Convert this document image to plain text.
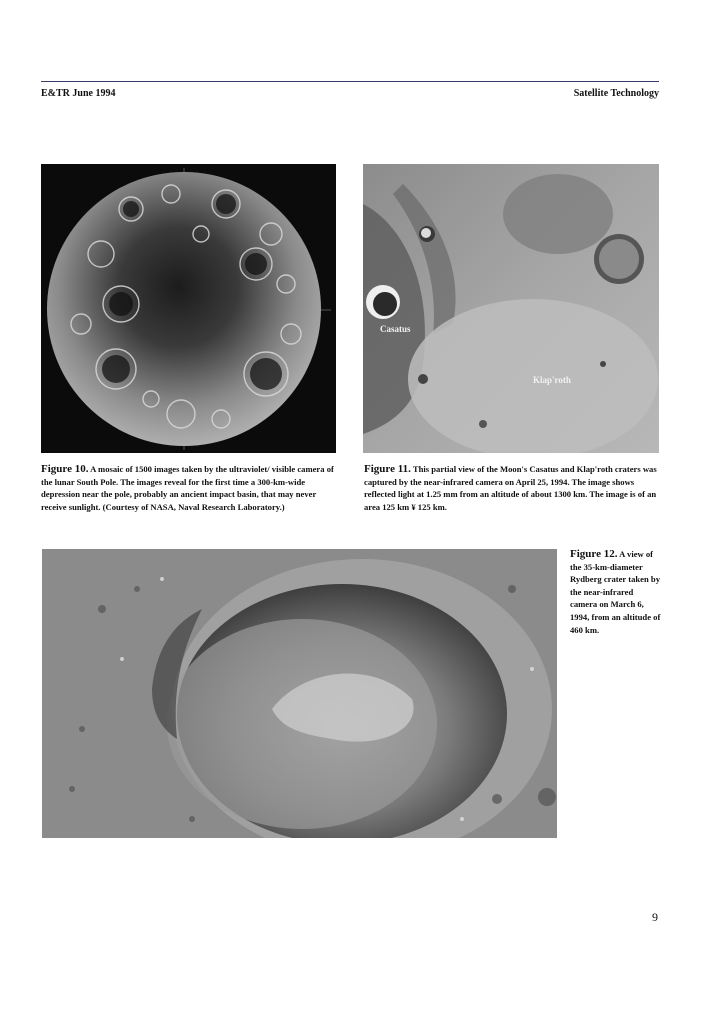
E&TR June 1994	Satellite Technology
Casatus
Klap'roth
Figure 10. A mosaic of 1500 images taken by the ultraviolet/ visible camera of the lunar South Pole. The images reveal for the first time a 300-km-wide depression near the pole, probably an ancient impact basin, that may never receive sunlight. (Courtesy of NASA, Naval Research Laboratory.)
Figure 11. This partial view of the Moon's Casatus and Klap'roth craters was captured by the near-infrared camera on April 25, 1994. The image shows reflected light at 1.25 mm from an altitude of about 1300 km. The image is of an area 125 km ¥ 125 km.
Figure 12. A view of the 35-km-diameter Rydberg crater taken by the near-infrared camera on March 6, 1994, from an altitude of 460 km.
9
